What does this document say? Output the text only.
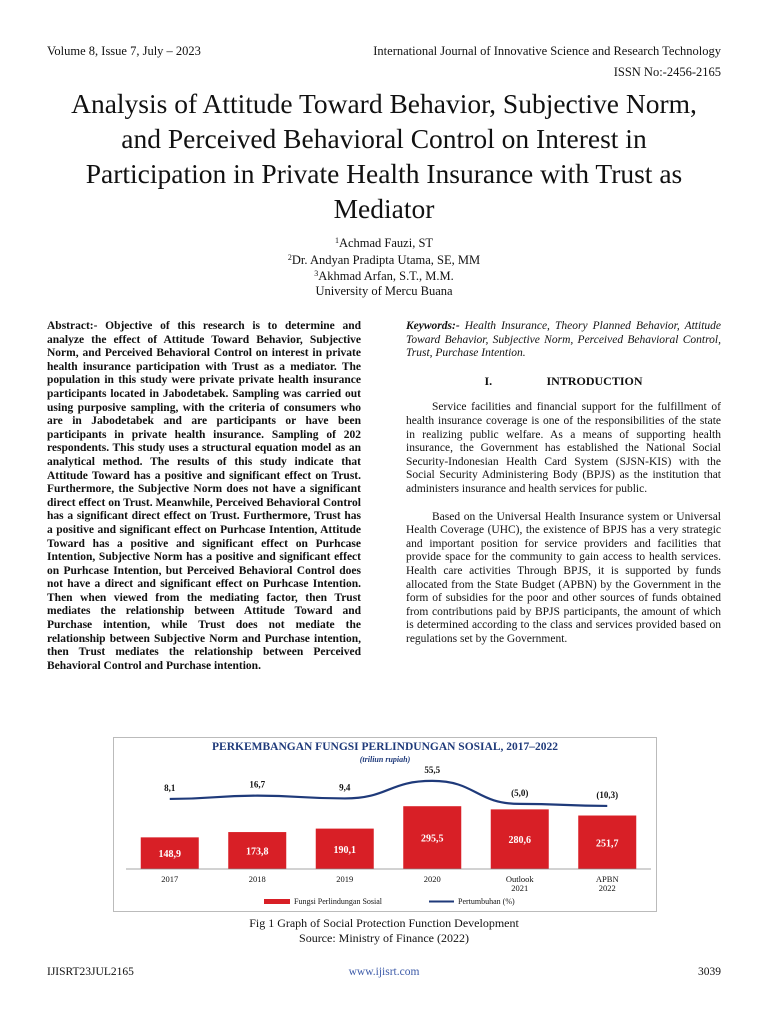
Volume 8, Issue 7, July – 2023	International Journal of Innovative Science and Research Technology
ISSN No:-2456-2165
Analysis of Attitude Toward Behavior, Subjective Norm, and Perceived Behavioral Control on Interest in Participation in Private Health Insurance with Trust as Mediator
$^1$Achmad Fauzi, ST
$^2$Dr. Andyan Pradipta Utama, SE, MM
$^3$Akhmad Arfan, S.T., M.M.
University of Mercu Buana
Abstract:- Objective of this research is to determine and analyze the effect of Attitude Toward Behavior, Subjective Norm, and Perceived Behavioral Control on interest in private health insurance participation with Trust as a mediator. The population in this study were private private health insurance participants located in Jabodetabek. Sampling was carried out using purposive sampling, with the criteria of consumers who are in Jabodetabek and are participants or have been participants in private health insurance. Sampling of 202 respondents. This study uses a structural equation model as an analytical method. The results of this study indicate that Attitude Toward has a positive and significant effect on Trust. Furthermore, the Subjective Norm does not have a significant direct effect on Trust. Meanwhile, Perceived Behavioral Control has a significant direct effect on Trust. Furthermore, Trust has a positive and significant effect on Purhcase Intention, Attitude Toward has a positive and significant effect on Purhcase Intention, Subjective Norm has a positive and significant effect on Purhcase Intention, but Perceived Behavioral Control does not have a direct and significant effect on Purhcase Intention. Then when viewed from the mediating factor, then Trust mediates the relationship between Attitude Toward and Purchase intention, while Trust does not mediate the relationship between Subjective Norm and Purchase intention, then Trust mediates the relationship between Perceived Behavioral Control and Purchase intention.
Keywords:- Health Insurance, Theory Planned Behavior, Attitude Toward Behavior, Subjective Norm, Perceived Behavioral Control, Trust, Purchase Intention.
I.	INTRODUCTION

Service facilities and financial support for the fulfillment of health insurance coverage is one of the responsibilities of the state in realizing public welfare. As a means of supporting health insurance, the Government has established the National Social Security-Indonesian Health Card System (SJSN-KIS) with the Social Security Administering Body (BPJS) as the institution that administers insurance and health services for public.

Based on the Universal Health Insurance system or Universal Health Coverage (UHC), the existence of BPJS has a very strategic and important position for service providers and facilities that provide space for the community to gain access to health services. Health care activities Through BPJS, it is supported by funds allocated from the State Budget (APBN) by the Government in the form of subsidies for the poor and other sources of funds obtained from contributions paid by BPJS participants, the amount of which is determined according to the class and services provided based on regulations set by the Government.

PERKEMBANGAN FUNGSI PERLINDUNGAN SOSIAL, 2017–2022
(triliun rupiah)
148,9	173,8	190,1
295,5	280,6	251,7
8,1	16,7	9,4
55,5
(5,0)	(10,3)
2017	2018	2019	2020	Outlook
2021
APBN
2022
Fungsi Perlindungan Sosial	Pertumbuhan (%)
Fig 1 Graph of Social Protection Function Development
Source: Ministry of Finance (2022)
IJISRT23JUL2165	www.ijisrt.com	3039
